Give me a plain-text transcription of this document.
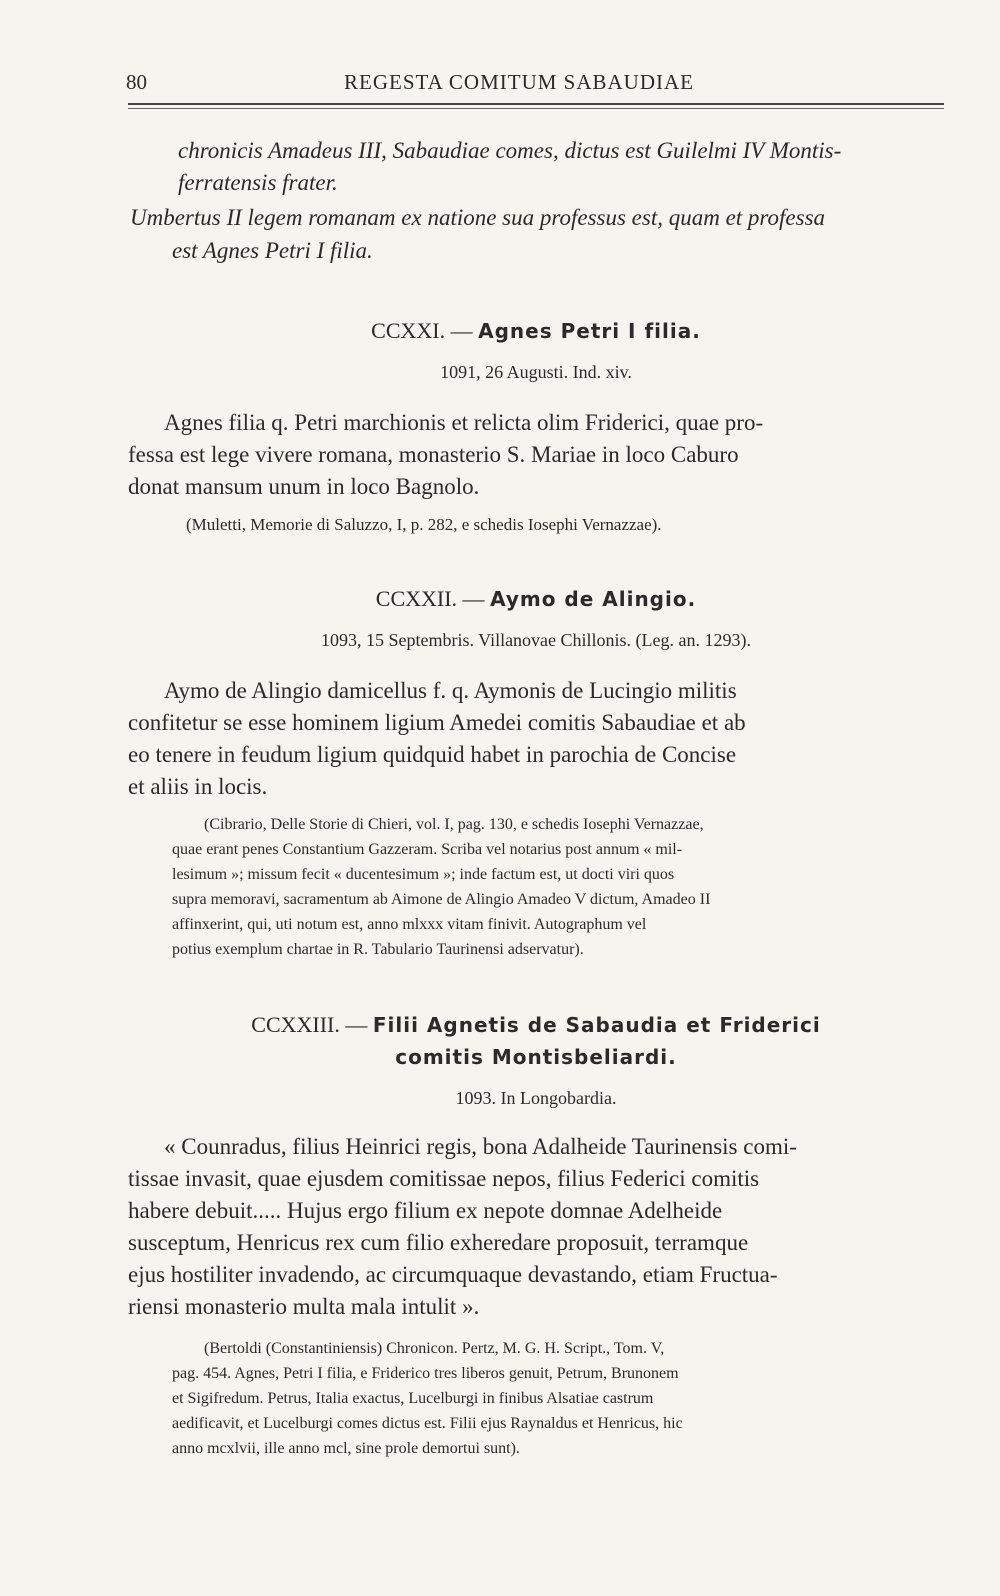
80	REGESTA COMITUM SABAUDIAE
chronicis Amadeus III, Sabaudiae comes, dictus est Guilelmi IV Montis-
ferratensis frater.
Umbertus II legem romanam ex natione sua professus est, quam et professa
est Agnes Petri I filia.
CCXXI. — Agnes Petri I filia.
1091, 26 Augusti. Ind. xiv.
Agnes filia q. Petri marchionis et relicta olim Friderici, quae pro-
fessa est lege vivere romana, monasterio S. Mariae in loco Caburo
donat mansum unum in loco Bagnolo.
(Muletti, Memorie di Saluzzo, I, p. 282, e schedis Iosephi Vernazzae).
CCXXII. — Aymo de Alingio.
1093, 15 Septembris. Villanovae Chillonis. (Leg. an. 1293).
Aymo de Alingio damicellus f. q. Aymonis de Lucingio militis
confitetur se esse hominem ligium Amedei comitis Sabaudiae et ab
eo tenere in feudum ligium quidquid habet in parochia de Concise
et aliis in locis.
(Cibrario, Delle Storie di Chieri, vol. I, pag. 130, e schedis Iosephi Vernazzae,
quae erant penes Constantium Gazzeram. Scriba vel notarius post annum « mil-
lesimum »; missum fecit « ducentesimum »; inde factum est, ut docti viri quos
supra memoravi, sacramentum ab Aimone de Alingio Amadeo V dictum, Amadeo II
affinxerint, qui, uti notum est, anno mlxxx vitam finivit. Autographum vel
potius exemplum chartae in R. Tabulario Taurinensi adservatur).
CCXXIII. — Filii Agnetis de Sabaudia et Friderici
comitis Montisbeliardi.
1093. In Longobardia.
« Counradus, filius Heinrici regis, bona Adalheide Taurinensis comi-
tissae invasit, quae ejusdem comitissae nepos, filius Federici comitis
habere debuit..... Hujus ergo filium ex nepote domnae Adelheide
susceptum, Henricus rex cum filio exheredare proposuit, terramque
ejus hostiliter invadendo, ac circumquaque devastando, etiam Fructua-
riensi monasterio multa mala intulit ».
(Bertoldi (Constantiniensis) Chronicon. Pertz, M. G. H. Script., Tom. V,
pag. 454. Agnes, Petri I filia, e Friderico tres liberos genuit, Petrum, Brunonem
et Sigifredum. Petrus, Italia exactus, Lucelburgi in finibus Alsatiae castrum
aedificavit, et Lucelburgi comes dictus est. Filii ejus Raynaldus et Henricus, hic
anno mcxlvii, ille anno mcl, sine prole demortui sunt).
